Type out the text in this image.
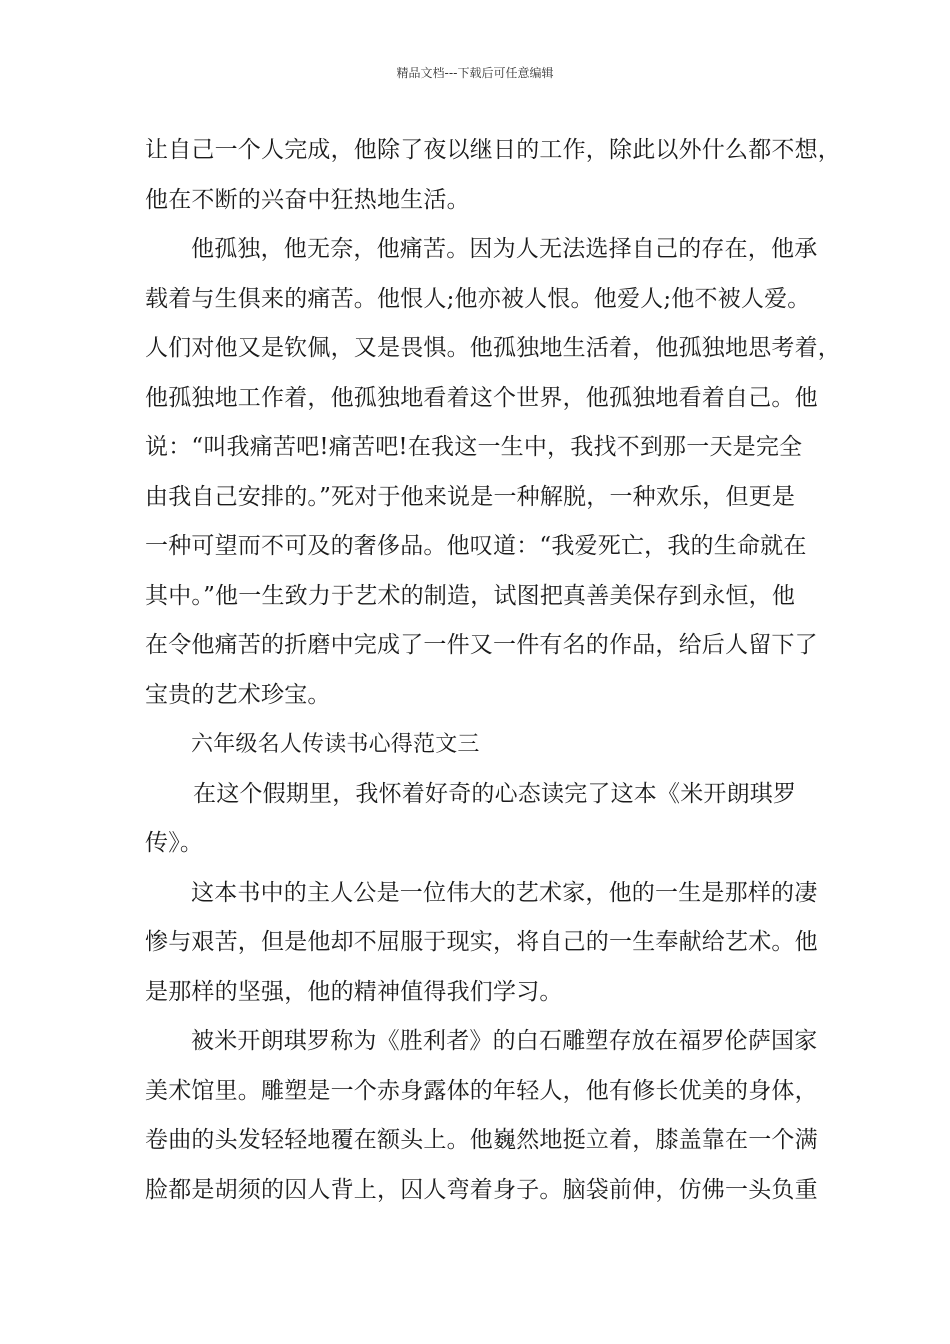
精品文档---下载后可任意编辑
让自己一个人完成，他除了夜以继日的工作，除此以外什么都不想，
他在不断的兴奋中狂热地生活。
他孤独，他无奈，他痛苦。因为人无法选择自己的存在，他承
载着与生俱来的痛苦。他恨人;他亦被人恨。他爱人;他不被人爱。
人们对他又是钦佩，又是畏惧。他孤独地生活着，他孤独地思考着，
他孤独地工作着，他孤独地看着这个世界，他孤独地看着自己。他
说：“叫我痛苦吧!痛苦吧!在我这一生中，我找不到那一天是完全
由我自己安排的。”死对于他来说是一种解脱，一种欢乐，但更是
一种可望而不可及的奢侈品。他叹道：“我爱死亡，我的生命就在
其中。”他一生致力于艺术的制造，试图把真善美保存到永恒，他
在令他痛苦的折磨中完成了一件又一件有名的作品，给后人留下了
宝贵的艺术珍宝。
六年级名人传读书心得范文三
在这个假期里，我怀着好奇的心态读完了这本《米开朗琪罗
传》。
这本书中的主人公是一位伟大的艺术家，他的一生是那样的凄
惨与艰苦，但是他却不屈服于现实，将自己的一生奉献给艺术。他
是那样的坚强，他的精神值得我们学习。
被米开朗琪罗称为《胜利者》的白石雕塑存放在福罗伦萨国家
美术馆里。雕塑是一个赤身露体的年轻人，他有修长优美的身体，
卷曲的头发轻轻地覆在额头上。他巍然地挺立着，膝盖靠在一个满
脸都是胡须的囚人背上，囚人弯着身子。脑袋前伸，仿佛一头负重
